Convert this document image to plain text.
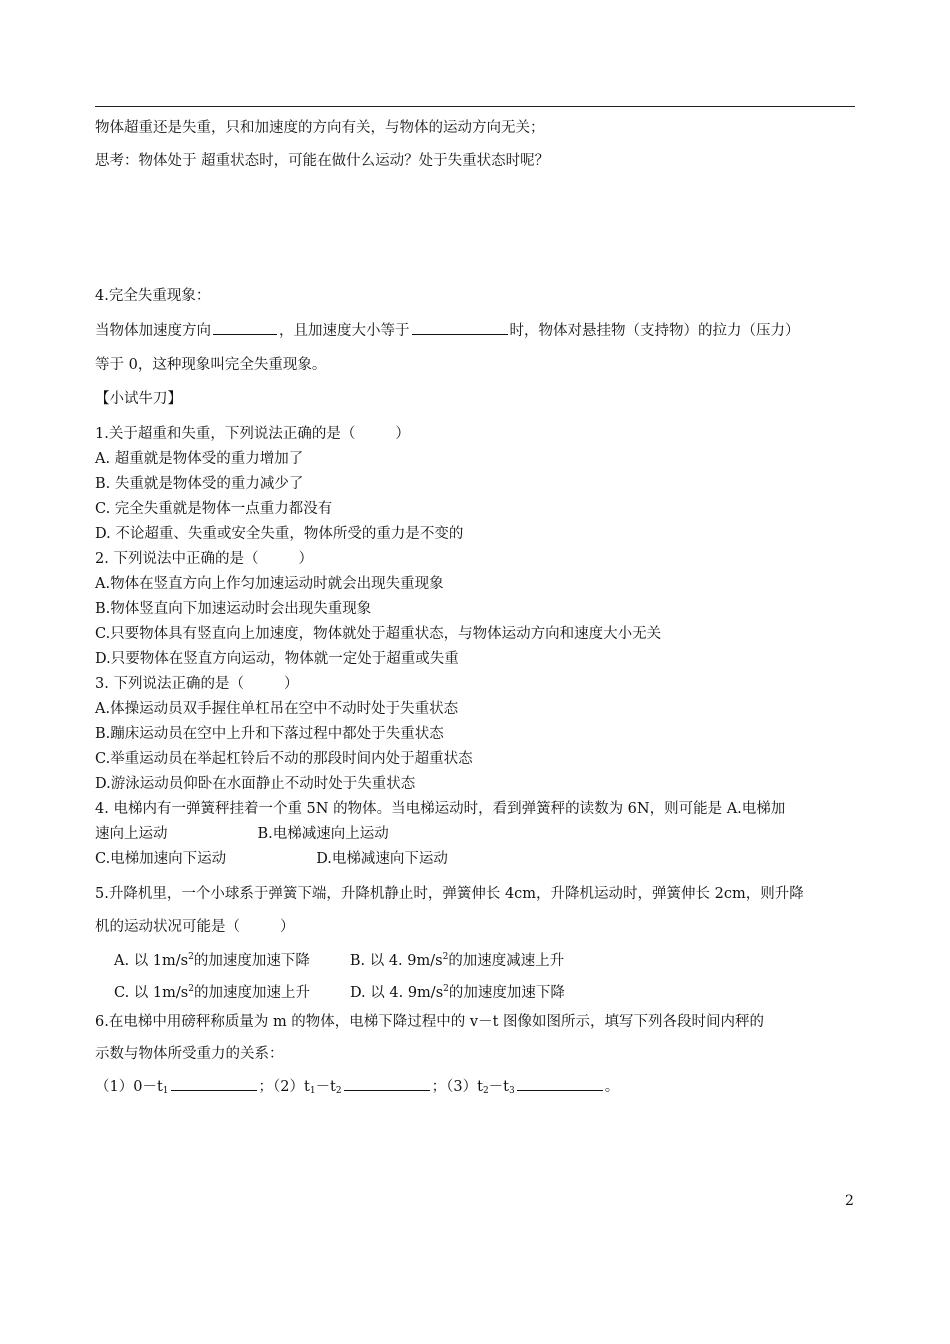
物体超重还是失重，只和加速度的方向有关，与物体的运动方向无关；
思考：物体处于 超重状态时，可能在做什么运动？处于失重状态时呢？
4.完全失重现象：
当物体加速度方向	，且加速度大小等于	时，物体对悬挂物（支持物）的拉力（压力）
等于 0，这种现象叫完全失重现象。
【小试牛刀】
1.关于超重和失重，下列说法正确的是（	）
A. 超重就是物体受的重力增加了
B. 失重就是物体受的重力减少了
C. 完全失重就是物体一点重力都没有
D. 不论超重、失重或安全失重，物体所受的重力是不变的
2. 下列说法中正确的是（	）
A.物体在竖直方向上作匀加速运动时就会出现失重现象
B.物体竖直向下加速运动时会出现失重现象
C.只要物体具有竖直向上加速度，物体就处于超重状态，与物体运动方向和速度大小无关
D.只要物体在竖直方向运动，物体就一定处于超重或失重
3. 下列说法正确的是（	）
A.体操运动员双手握住单杠吊在空中不动时处于失重状态
B.蹦床运动员在空中上升和下落过程中都处于失重状态
C.举重运动员在举起杠铃后不动的那段时间内处于超重状态
D.游泳运动员仰卧在水面静止不动时处于失重状态
4. 电梯内有一弹簧秤挂着一个重 5N 的物体。当电梯运动时，看到弹簧秤的读数为 6N，则可能是 A.电梯加
速向上运动	B.电梯减速向上运动
C.电梯加速向下运动	D.电梯减速向下运动
5.升降机里，一个小球系于弹簧下端，升降机静止时，弹簧伸长 4cm，升降机运动时，弹簧伸长 2cm，则升降
机的运动状况可能是（	）
A. 以 $1m/s^2$的加速度加速下降	B. 以 4. $9m/s^2$的加速度减速上升
C. 以 $1m/s^2$的加速度加速上升	D. 以 4. $9m/s^2$的加速度加速下降
6.在电梯中用磅秤称质量为 m 的物体，电梯下降过程中的 v－t 图像如图所示，填写下列各段时间内秤的
示数与物体所受重力的关系：
$(1)0-t_1$	；$(2)t_1-t_2$	；$(3)t_2-t_3$	。
2
